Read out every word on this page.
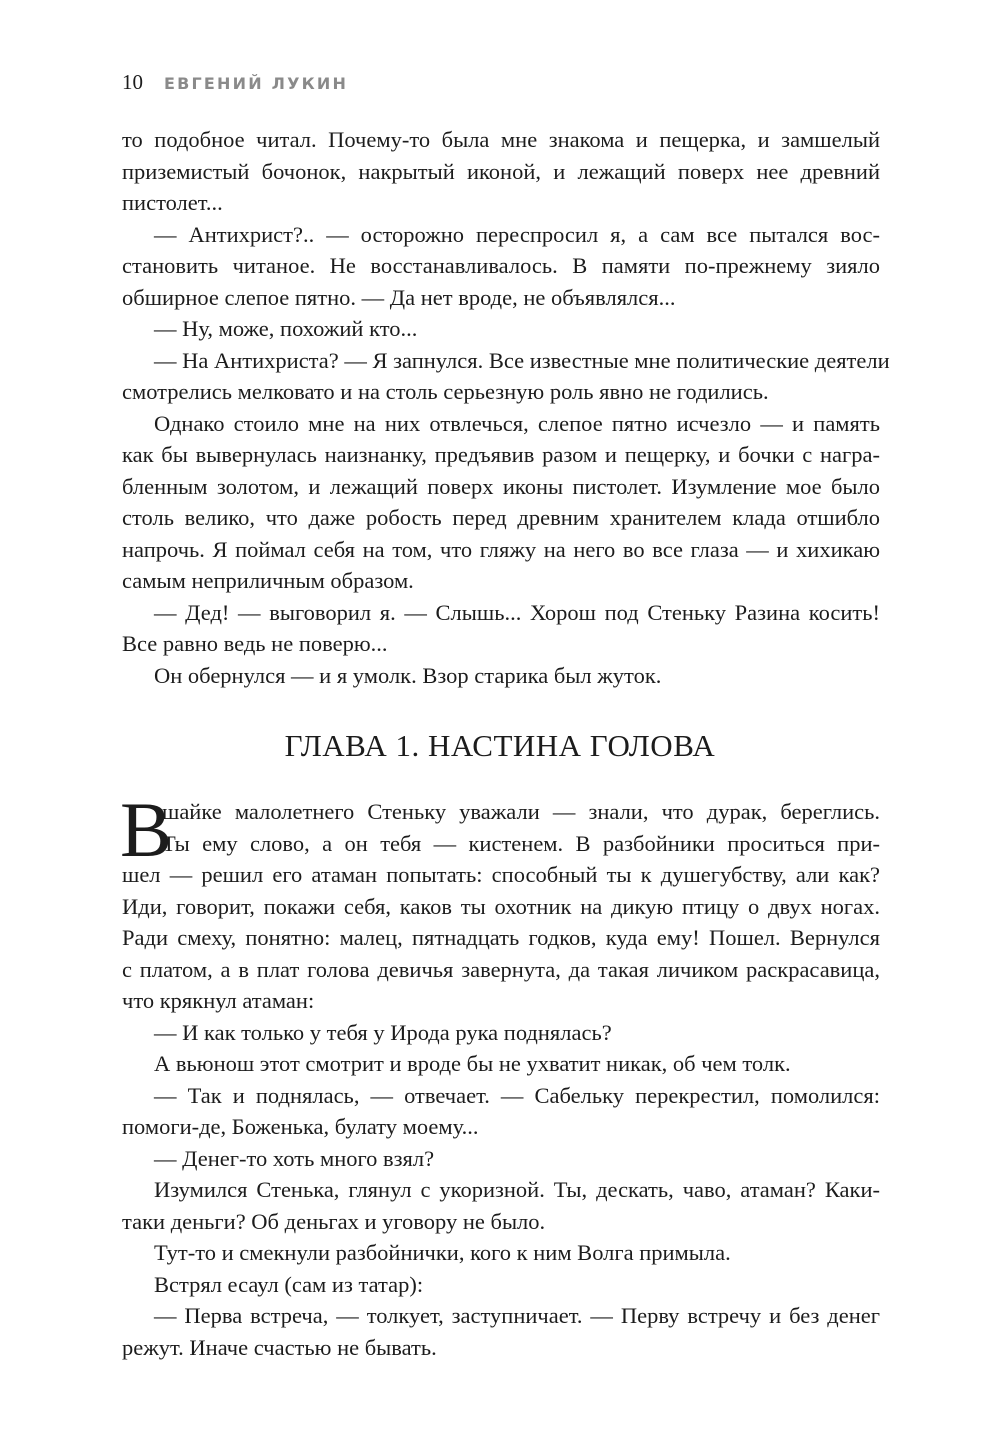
10	ЕВГЕНИЙ ЛУКИН
то подобное читал. Почему-то была мне знакома и пещерка, и замшелый
приземистый бочонок, накрытый иконой, и лежащий поверх нее древний
пистолет...
— Антихрист?.. — осторожно переспросил я, а сам все пытался вос-
становить читаное. Не восстанавливалось. В памяти по-прежнему зияло
обширное слепое пятно. — Да нет вроде, не объявлялся...
— Ну, може, похожий кто...
— На Антихриста? — Я запнулся. Все известные мне политические деятели
смотрелись мелковато и на столь серьезную роль явно не годились.
Однако стоило мне на них отвлечься, слепое пятно исчезло — и память
как бы вывернулась наизнанку, предъявив разом и пещерку, и бочки с награ-
бленным золотом, и лежащий поверх иконы пистолет. Изумление мое было
столь велико, что даже робость перед древним хранителем клада отшибло
напрочь. Я поймал себя на том, что гляжу на него во все глаза — и хихикаю
самым неприличным образом.
— Дед! — выговорил я. — Слышь... Хорош под Стеньку Разина косить!
Все равно ведь не поверю...
Он обернулся — и я умолк. Взор старика был жуток.
ГЛАВА 1. НАСТИНА ГОЛОВА
В
шайке малолетнего Стеньку уважали — знали, что дурак, береглись.
Ты ему слово, а он тебя — кистенем. В разбойники проситься при-
шел — решил его атаман попытать: способный ты к душегубству, али как?
Иди, говорит, покажи себя, каков ты охотник на дикую птицу о двух ногах.
Ради смеху, понятно: малец, пятнадцать годков, куда ему! Пошел. Вернулся
с платом, а в плат голова девичья завернута, да такая личиком раскрасавица,
что крякнул атаман:
— И как только у тебя у Ирода рука поднялась?
А вьюнош этот смотрит и вроде бы не ухватит никак, об чем толк.
— Так и поднялась, — отвечает. — Сабельку перекрестил, помолился:
помоги-де, Боженька, булату моему...
— Денег-то хоть много взял?
Изумился Стенька, глянул с укоризной. Ты, дескать, чаво, атаман? Каки-
таки деньги? Об деньгах и уговору не было.
Тут-то и смекнули разбойнички, кого к ним Волга примыла.
Встрял есаул (сам из татар):
— Перва встреча, — толкует, заступничает. — Перву встречу и без денег
режут. Иначе счастью не бывать.
